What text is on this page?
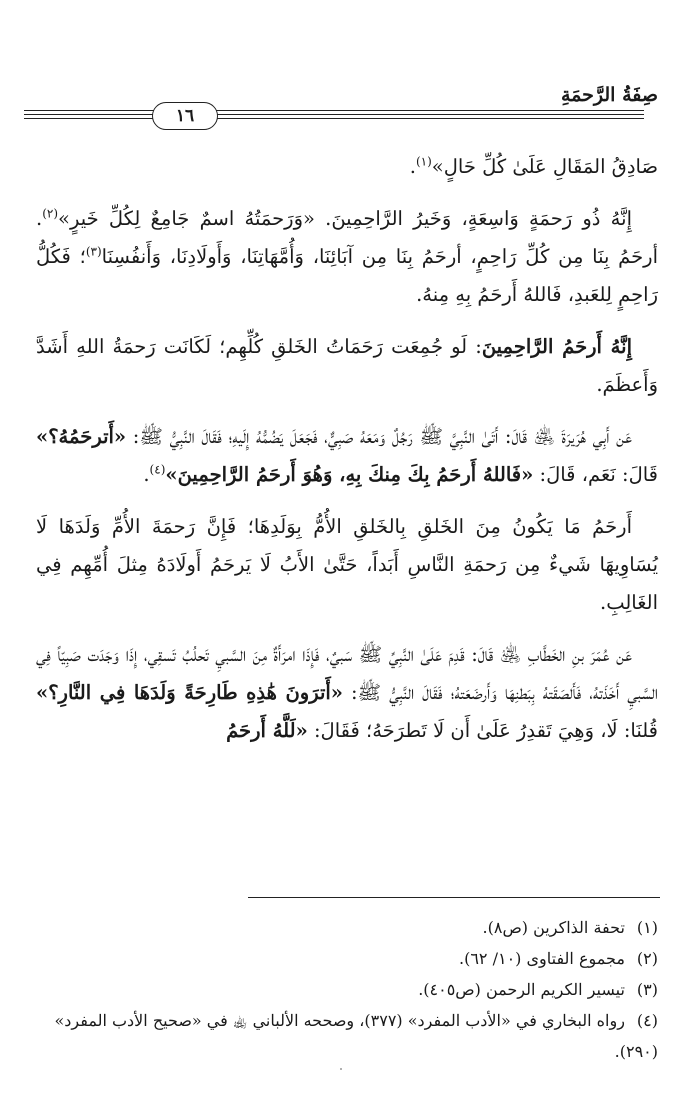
صِفَةُ الرَّحمَةِ
١٦

صَادِقُ المَقَالِ عَلَىٰ كُلِّ حَالٍ»$^{(١)}$.

إِنَّهُ ذُو رَحمَةٍ وَاسِعَةٍ، وَخَيرُ الرَّاحِمِينَ. «وَرَحمَتُهُ اسمٌ جَامِعٌ لِكُلِّ خَيرٍ»$^{(٢)}$. أرحَمُ بِنَا مِن كُلِّ رَاحِمٍ، أرحَمُ بِنَا مِن آبَائِنَا، وَأُمَّهَاتِنَا، وَأَولَادِنَا، وَأَنفُسِنَا$^{(٣)}$؛ فَكُلُّ رَاحِمٍ لِلعَبدِ، فَاللهُ أَرحَمُ بِهِ مِنهُ.

إِنَّهُ أَرحَمُ الرَّاحِمِينَ: لَو جُمِعَت رَحَمَاتُ الخَلقِ كُلِّهِم؛ لَكَانَت رَحمَةُ اللهِ أَشَدَّ وَأَعظَمَ.

عَن أَبِي هُرَيرَةَ ﵁ قَالَ: أَتَىٰ النَّبِيَّ ﷺ رَجُلٌ وَمَعَهُ صَبِيٌّ، فَجَعَلَ يَضُمُّهُ إِلَيهِ؛ فَقَالَ النَّبِيُّ ﷺ: «أَترحَمُهُ؟» قَالَ: نَعَم، قَالَ: «فَاللهُ أَرحَمُ بِكَ مِنكَ بِهِ، وَهُوَ أَرحَمُ الرَّاحِمِينَ»$^{(٤)}$.

أَرحَمُ مَا يَكُونُ مِنَ الخَلقِ بِالخَلقِ الأُمُّ بِوَلَدِهَا؛ فَإِنَّ رَحمَةَ الأُمِّ وَلَدَهَا لَا يُسَاوِيهَا شَيءٌ مِن رَحمَةِ النَّاسِ أَبَداً، حَتَّىٰ الأَبُ لَا يَرحَمُ أَولَادَهُ مِثلَ أُمِّهِم فِي الغَالِبِ.

عَن عُمَرَ بنِ الخَطَّابِ ﵁ قَالَ: قَدِمَ عَلَىٰ النَّبِيِّ ﷺ سَبيٌ، فَإِذَا امرَأَةٌ مِنَ السَّبيِ تَحلُبُ تَسقِي، إِذَا وَجَدَت صَبِيّاً فِي السَّبيِ أَخَذَتهُ، فَأَلصَقَتهُ بِبَطنِهَا وَأَرضَعَتهُ؛ فَقَالَ النَّبِيُّ ﷺ: «أَترَونَ هَٰذِهِ طَارِحَةً وَلَدَهَا فِي النَّارِ؟» قُلنَا: لَا، وَهِيَ تَقدِرُ عَلَىٰ أَن لَا تَطرَحَهُ؛ فَقَالَ: «لَلَّهُ أَرحَمُ

(١) تحفة الذاكرين (ص٨).

(٢) مجموع الفتاوى (١٠/ ٦٢).

(٣) تيسير الكريم الرحمن (ص٤٠٥).

(٤) رواه البخاري في «الأدب المفرد» (٣٧٧)، وصححه الألباني ﵀ في «صحيح الأدب المفرد» (٢٩٠).
